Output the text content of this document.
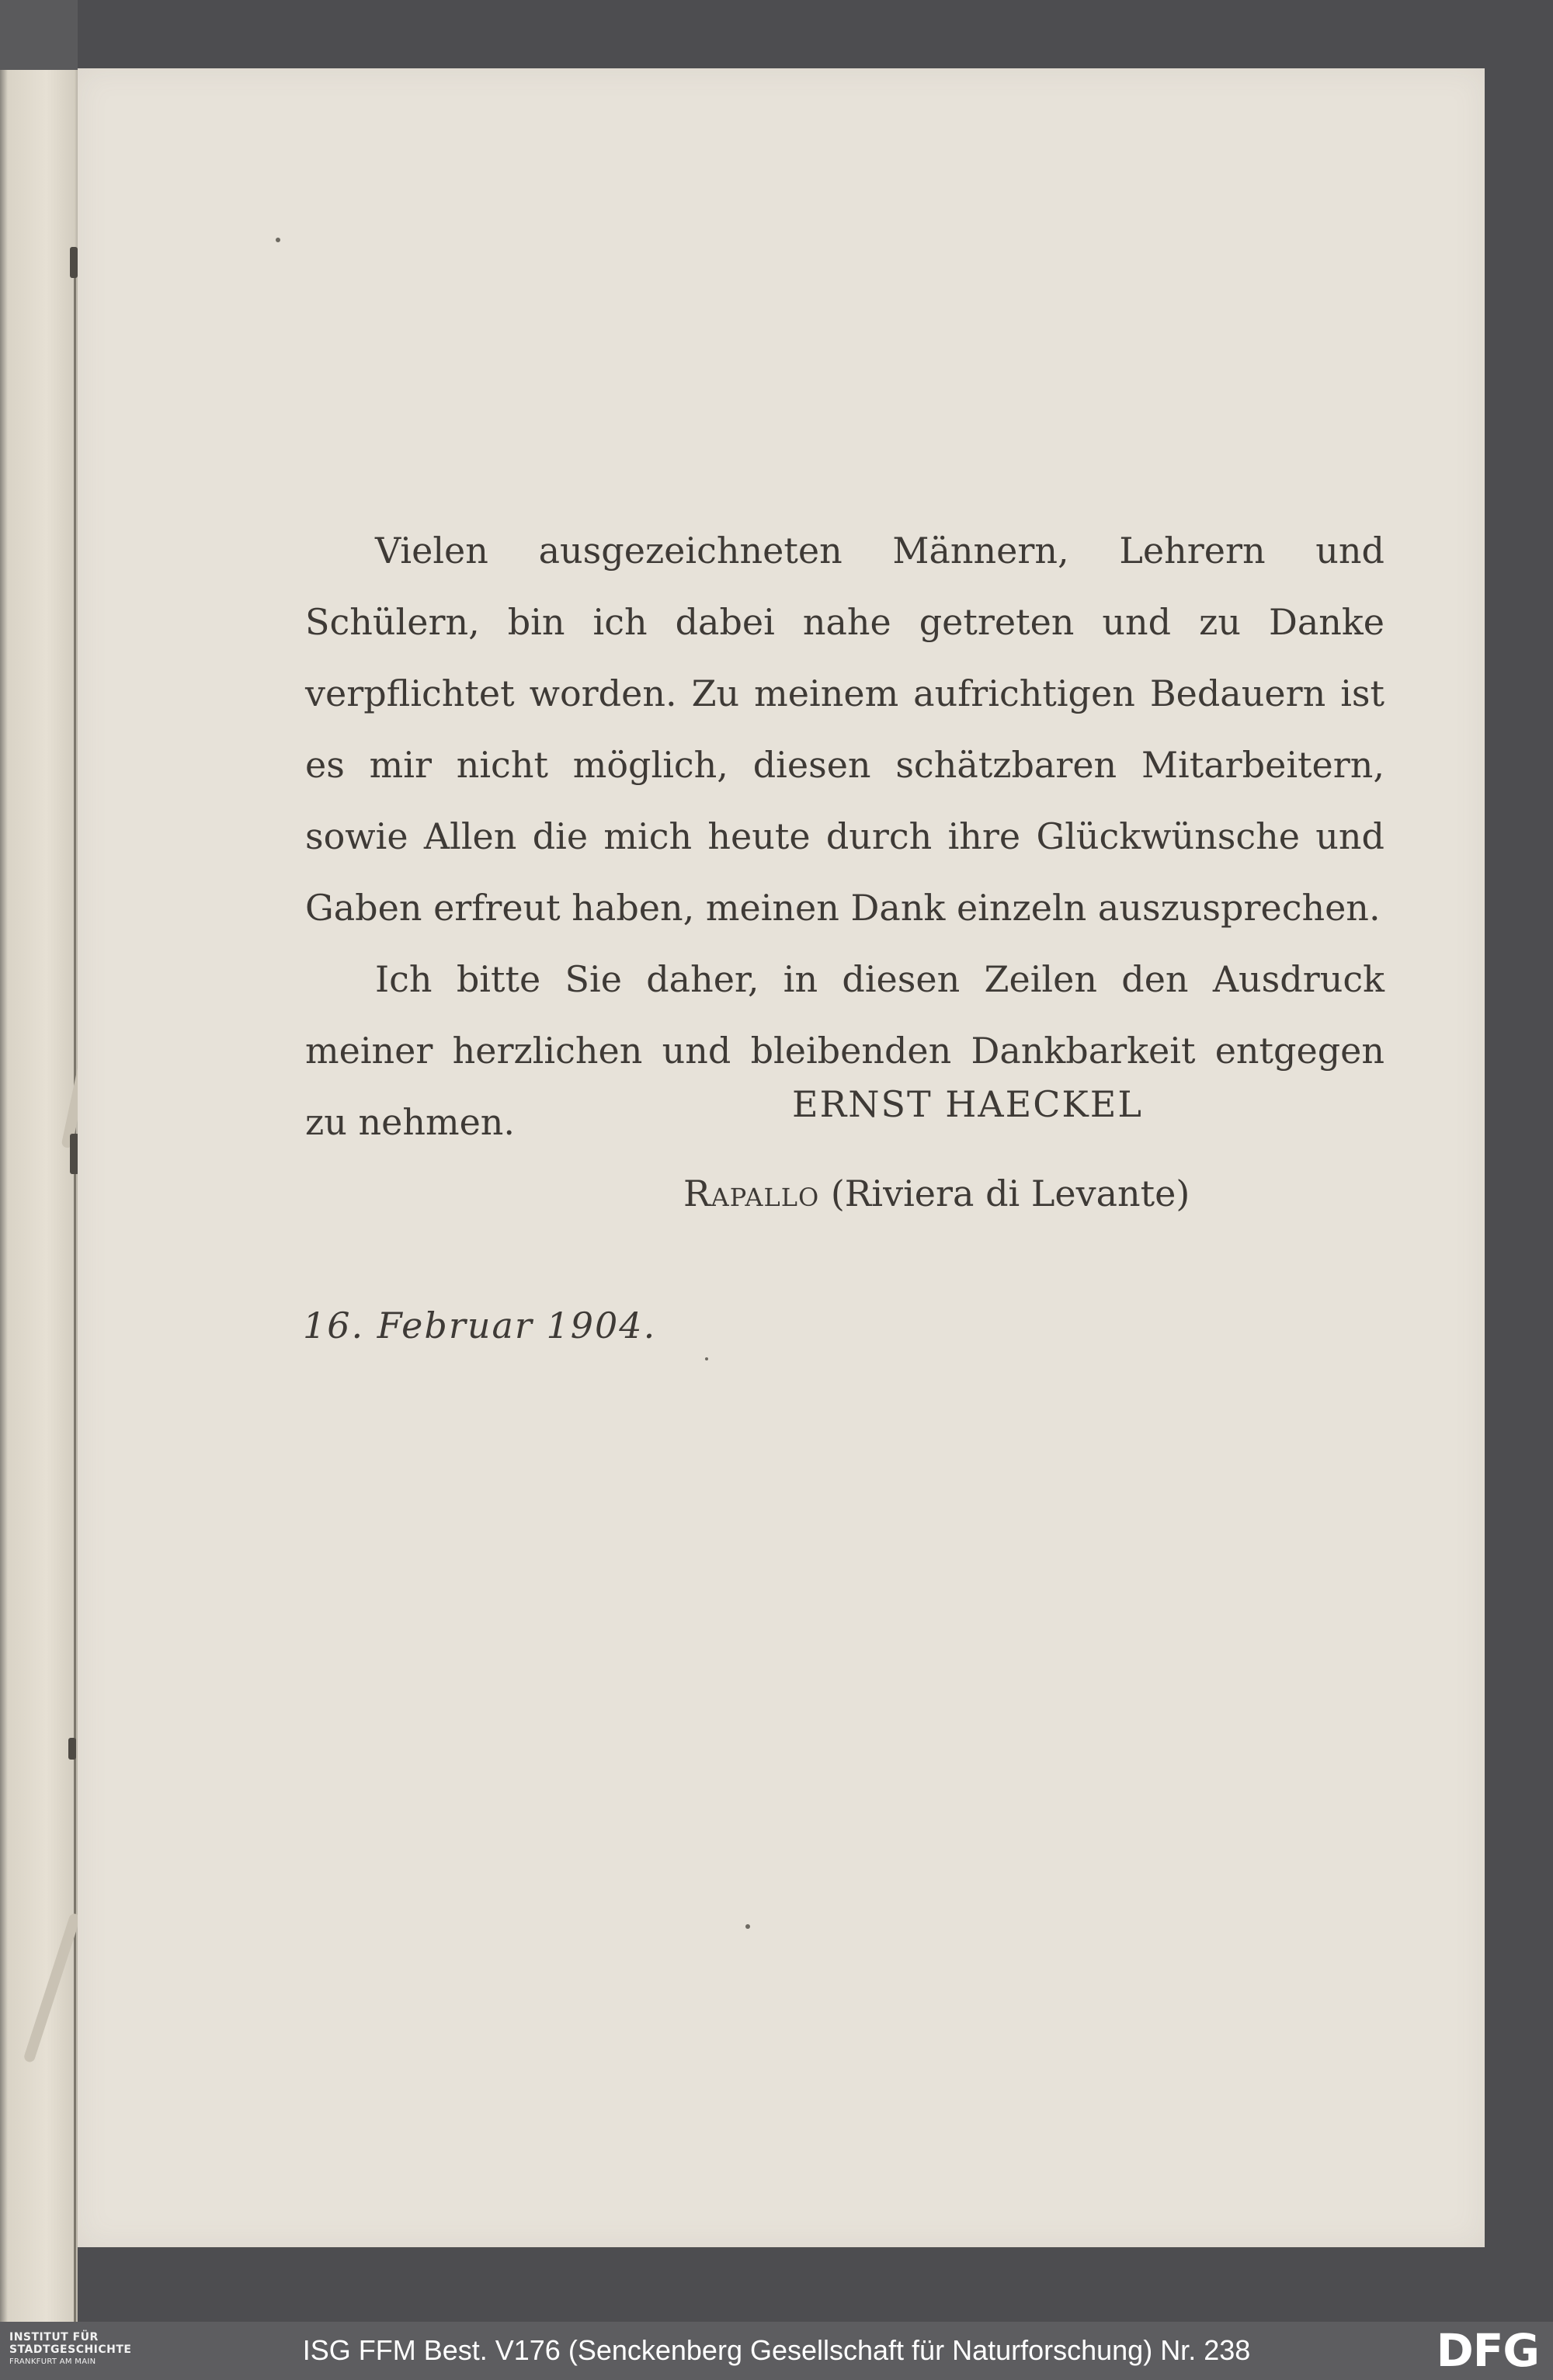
Vielen ausgezeichneten Männern, Lehrern und Schülern, bin ich dabei nahe getreten und zu Danke verpflichtet worden. Zu meinem aufrichtigen Bedauern ist es mir nicht möglich, diesen schätzbaren Mitarbeitern, sowie Allen die mich heute durch ihre Glückwünsche und Gaben erfreut haben, meinen Dank einzeln auszusprechen.

Ich bitte Sie daher, in diesen Zeilen den Ausdruck meiner herzlichen und bleibenden Dankbarkeit entgegen zu nehmen.	ERNST HAECKEL
Rapallo (Riviera di Levante)
16. Februar 1904.
INSTITUT FÜR
STADTGESCHICHTE
FRANKFURT AM MAIN	ISG FFM Best. V176 (Senckenberg Gesellschaft für Naturforschung) Nr. 238	DFG
